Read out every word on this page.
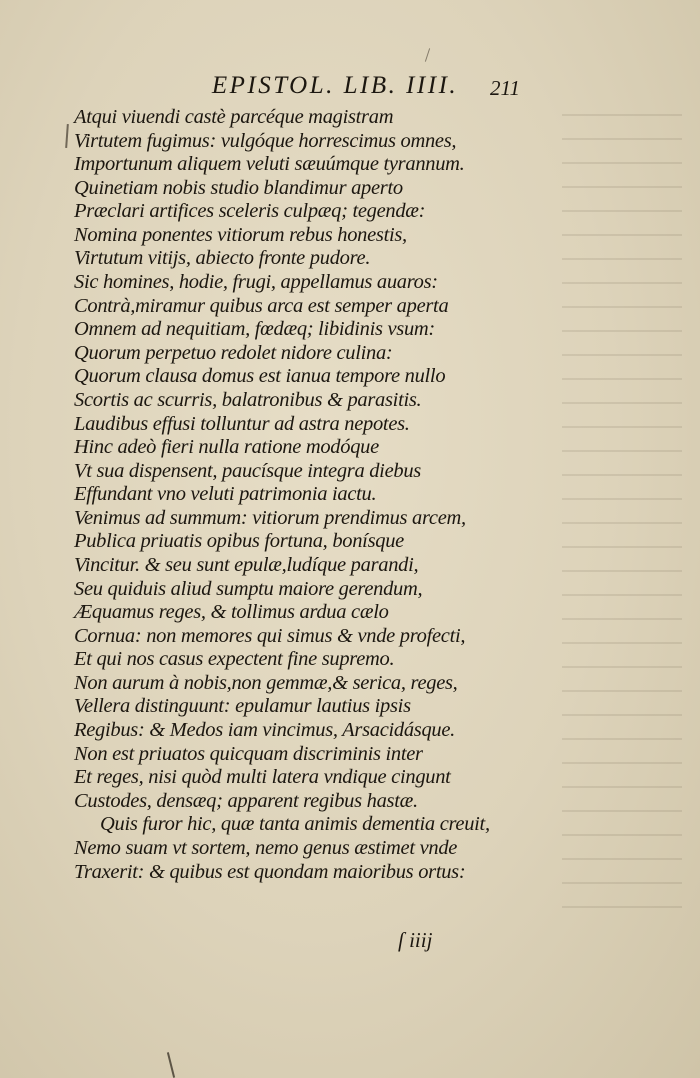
EPISTOL. LIB. IIII.	211
Atqui viuendi castè parcéque magistram
Virtutem fugimus: vulgóque horrescimus omnes,
Importunum aliquem veluti sæuúmque tyrannum.
Quinetiam nobis studio blandimur aperto
Præclari artifices sceleris culpæq; tegendæ:
Nomina ponentes vitiorum rebus honestis,
Virtutum vitijs, abiecto fronte pudore.
Sic homines, hodie, frugi, appellamus auaros:
Contrà,miramur quibus arca est semper aperta
Omnem ad nequitiam, fœdæq; libidinis vsum:
Quorum perpetuo redolet nidore culina:
Quorum clausa domus est ianua tempore nullo
Scortis ac scurris, balatronibus & parasitis.
Laudibus effusi tolluntur ad astra nepotes.
Hinc adeò fieri nulla ratione modóque
Vt sua dispensent, paucísque integra diebus
Effundant vno veluti patrimonia iactu.
Venimus ad summum: vitiorum prendimus arcem,
Publica priuatis opibus fortuna, bonísque
Vincitur. & seu sunt epulæ,ludíque parandi,
Seu quiduis aliud sumptu maiore gerendum,
Æquamus reges, & tollimus ardua cælo
Cornua: non memores qui simus & vnde profecti,
Et qui nos casus expectent fine supremo.
Non aurum à nobis,non gemmæ,& serica, reges,
Vellera distinguunt: epulamur lautius ipsis
Regibus: & Medos iam vincimus, Arsacidásque.
Non est priuatos quicquam discriminis inter
Et reges, nisi quòd multi latera vndique cingunt
Custodes, densæq; apparent regibus hastæ.
Quis furor hic, quæ tanta animis dementia creuit,
Nemo suam vt sortem, nemo genus æstimet vnde
Traxerit: & quibus est quondam maioribus ortus:
ſ iiij
